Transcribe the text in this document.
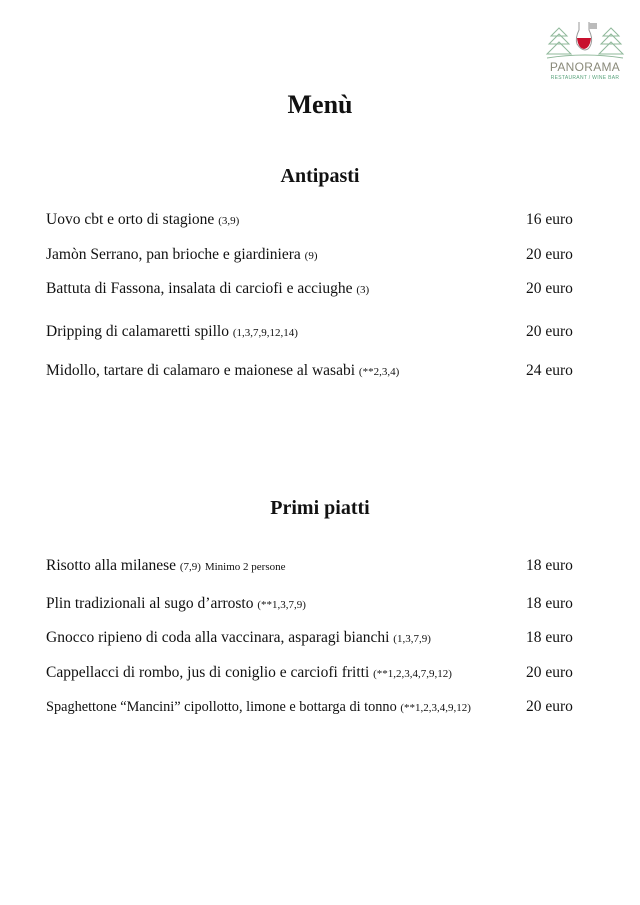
PANORAMA
RESTAURANT / WINE BAR
Menù
Antipasti
Uovo cbt e orto di stagione (3,9)	16 euro
Jamòn Serrano, pan brioche e giardiniera (9)	20 euro
Battuta di Fassona, insalata di carciofi e acciughe (3)	20 euro
Dripping di calamaretti spillo (1,3,7,9,12,14)	20 euro
Midollo, tartare di calamaro e maionese al wasabi (**2,3,4)	24 euro
Primi piatti
Risotto alla milanese (7,9) Minimo 2 persone	18 euro
Plin tradizionali al sugo d’arrosto (**1,3,7,9)	18 euro
Gnocco ripieno di coda alla vaccinara, asparagi bianchi (1,3,7,9)	18 euro
Cappellacci di rombo, jus di coniglio e carciofi fritti (**1,2,3,4,7,9,12)	20 euro
Spaghettone “Mancini” cipollotto, limone e bottarga di tonno (**1,2,3,4,9,12)	20 euro
